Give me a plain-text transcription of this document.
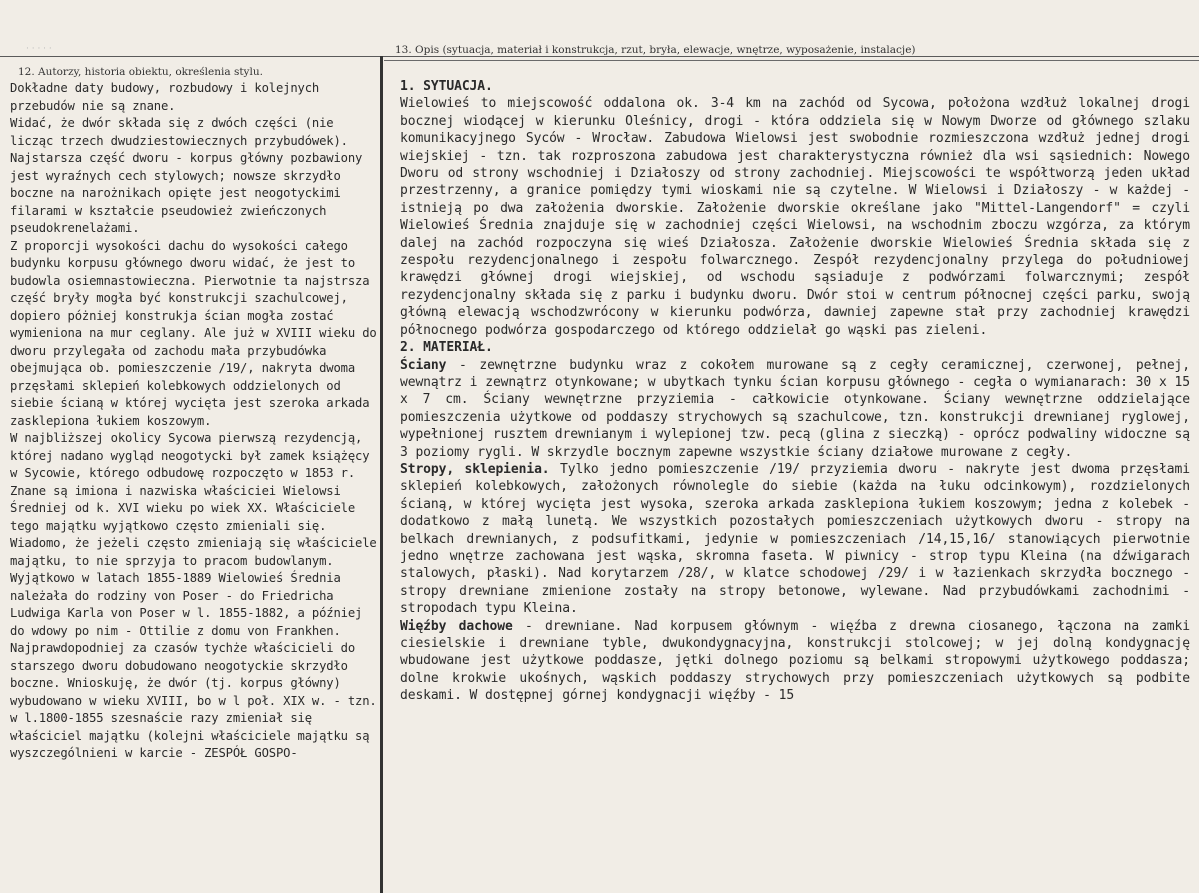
· · · · ·
12. Autorzy, historia obiektu, określenia stylu.
13. Opis (sytuacja, materiał i konstrukcja, rzut, bryła, elewacje, wnętrze, wyposażenie, instalacje)

Dokładne daty budowy, rozbudowy i kolejnych przebudów nie są znane.

Widać, że dwór składa się z dwóch części (nie licząc trzech dwudziestowiecznych przybudówek).

Najstarsza część dworu - korpus główny pozbawiony jest wyraźnych cech stylowych; nowsze skrzydło boczne na narożnikach opięte jest neogotyckimi filarami w kształcie pseudowież zwieńczonych pseudokrenelażami.

Z proporcji wysokości dachu do wysokości całego budynku korpusu głównego dworu widać, że jest to budowla osiemnastowieczna. Pierwotnie ta najstrsza część bryły mogła być konstrukcji szachulcowej, dopiero póżniej konstrukja ścian mogła zostać wymieniona na mur ceglany. Ale już w XVIII wieku do dworu przylegała od zachodu mała przybudówka obejmująca ob. pomieszczenie /19/, nakryta dwoma przęsłami sklepień kolebkowych oddzielonych od siebie ścianą w której wycięta jest szeroka arkada zasklepiona łukiem koszowym.

W najbliższej okolicy Sycowa pierwszą rezydencją, której nadano wygląd neogotycki był zamek książęcy w Sycowie, którego odbudowę rozpoczęto w 1853 r.

Znane są imiona i nazwiska właściciei Wielowsi Średniej od k. XVI wieku po wiek XX. Właściciele tego majątku wyjątkowo często zmieniali się. Wiadomo, że jeżeli często zmieniają się właściciele majątku, to nie sprzyja to pracom budowlanym.

Wyjątkowo w latach 1855-1889 Wielowieś Średnia należała do rodziny von Poser - do Friedricha Ludwiga Karla von Poser w l. 1855-1882, a później do wdowy po nim - Ottilie z domu von Frankhen. Najprawdopodniej za czasów tychże właścicieli do starszego dworu dobudowano neogotyckie skrzydło boczne. Wnioskuję, że dwór (tj. korpus główny) wybudowano w wieku XVIII, bo w l poł. XIX w. - tzn. w l.1800-1855 szesnaście razy zmieniał się właściciel majątku (kolejni właściciele majątku są wyszczególnieni w karcie - ZESPÓŁ GOSPO-

1. SYTUACJA.

Wielowieś to miejscowość oddalona ok. 3-4 km na zachód od Sycowa, położona wzdłuż lokalnej drogi bocznej wiodącej w kierunku Oleśnicy, drogi - która oddziela się w Nowym Dworze od głównego szlaku komunikacyjnego Syców - Wrocław. Zabudowa Wielowsi jest swobodnie rozmieszczona wzdłuż jednej drogi wiejskiej - tzn. tak rozproszona zabudowa jest charakterystyczna również dla wsi sąsiednich: Nowego Dworu od strony wschodniej i Działoszy od strony zachodniej. Miejscowości te współtworzą jeden układ przestrzenny, a granice pomiędzy tymi wioskami nie są czytelne. W Wielowsi i Działoszy - w każdej - istnieją po dwa założenia dworskie. Założenie dworskie określane jako "Mittel-Langendorf" = czyli Wielowieś Średnia znajduje się w zachodniej części Wielowsi, na wschodnim zboczu wzgórza, za którym dalej na zachód rozpoczyna się wieś Działosza. Założenie dworskie Wielowieś Średnia składa się z zespołu rezydencjonalnego i zespołu folwarcznego. Zespół rezydencjonalny przylega do południowej krawędzi głównej drogi wiejskiej, od wschodu sąsiaduje z podwórzami folwarcznymi; zespół rezydencjonalny składa się z parku i budynku dworu. Dwór stoi w centrum północnej części parku, swoją główną elewacją wschodzwrócony w kierunku podwórza, dawniej zapewne stał przy zachodniej krawędzi północnego podwórza gospodarczego od którego oddzielał go wąski pas zieleni.

2. MATERIAŁ.

Ściany - zewnętrzne budynku wraz z cokołem murowane są z cegły ceramicznej, czerwonej, pełnej, wewnątrz i zewnątrz otynkowane; w ubytkach tynku ścian korpusu głównego - cegła o wymianarach: 30 x 15 x 7 cm. Ściany wewnętrzne przyziemia - całkowicie otynkowane. Ściany wewnętrzne oddzielające pomieszczenia użytkowe od poddaszy strychowych są szachulcowe, tzn. konstrukcji drewnianej ryglowej, wypełnionej rusztem drewnianym i wylepionej tzw. pecą (glina z sieczką) - oprócz podwaliny widoczne są 3 poziomy rygli. W skrzydle bocznym zapewne wszystkie ściany działowe murowane z cegły.

Stropy, sklepienia. Tylko jedno pomieszczenie /19/ przyziemia dworu - nakryte jest dwoma przęsłami sklepień kolebkowych, założonych równolegle do siebie (każda na łuku odcinkowym), rozdzielonych ścianą, w której wycięta jest wysoka, szeroka arkada zasklepiona łukiem koszowym; jedna z kolebek - dodatkowo z małą lunetą. We wszystkich pozostałych pomieszczeniach użytkowych dworu - stropy na belkach drewnianych, z podsufitkami, jedynie w pomieszczeniach /14,15,16/ stanowiących pierwotnie jedno wnętrze zachowana jest wąska, skromna faseta. W piwnicy - strop typu Kleina (na dźwigarach stalowych, płaski). Nad korytarzem /28/, w klatce schodowej /29/ i w łazienkach skrzydła bocznego - stropy drewniane zmienione zostały na stropy betonowe, wylewane. Nad przybudówkami zachodnimi - stropodach typu Kleina.

Więźby dachowe - drewniane. Nad korpusem głównym - więźba z drewna ciosanego, łączona na zamki ciesielskie i drewniane tyble, dwukondygnacyjna, konstrukcji stolcowej; w jej dolną kondygnację wbudowane jest użytkowe poddasze, jętki dolnego poziomu są belkami stropowymi użytkowego poddasza; dolne krokwie ukośnych, wąskich poddaszy strychowych przy pomieszczeniach użytkowych są podbite deskami. W dostępnej górnej kondygnacji więźby - 15
